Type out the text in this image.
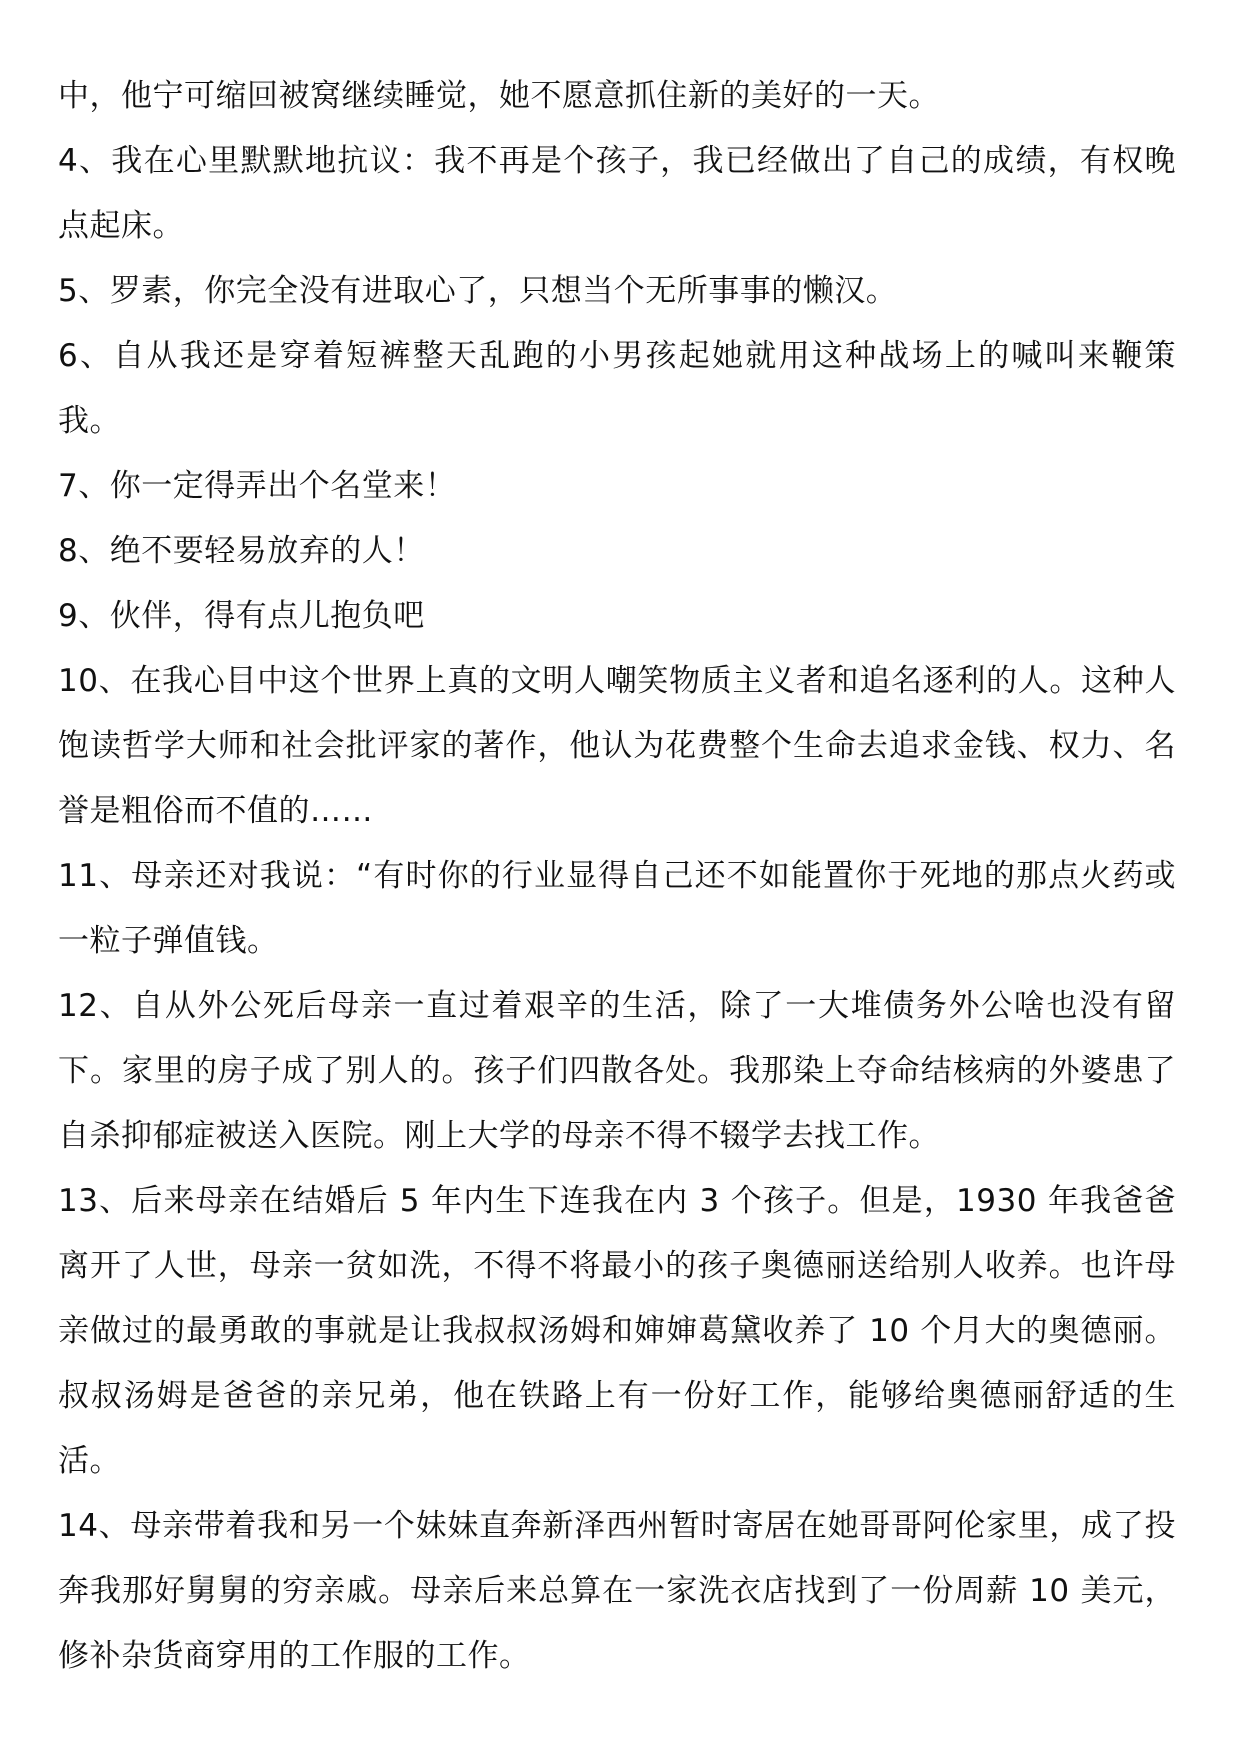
中，他宁可缩回被窝继续睡觉，她不愿意抓住新的美好的一天。

4、我在心里默默地抗议：我不再是个孩子，我已经做出了自己的成绩，有权晚点起床。

5、罗素，你完全没有进取心了，只想当个无所事事的懒汉。

6、自从我还是穿着短裤整天乱跑的小男孩起她就用这种战场上的喊叫来鞭策我。

7、你一定得弄出个名堂来！

8、绝不要轻易放弃的人！

9、伙伴，得有点儿抱负吧

10、在我心目中这个世界上真的文明人嘲笑物质主义者和追名逐利的人。这种人饱读哲学大师和社会批评家的著作，他认为花费整个生命去追求金钱、权力、名誉是粗俗而不值的……

11、母亲还对我说：“有时你的行业显得自己还不如能置你于死地的那点火药或一粒子弹值钱。

12、自从外公死后母亲一直过着艰辛的生活，除了一大堆债务外公啥也没有留下。家里的房子成了别人的。孩子们四散各处。我那染上夺命结核病的外婆患了自杀抑郁症被送入医院。刚上大学的母亲不得不辍学去找工作。

13、后来母亲在结婚后 5 年内生下连我在内 3 个孩子。但是，1930 年我爸爸离开了人世，母亲一贫如洗，不得不将最小的孩子奥德丽送给别人收养。也许母亲做过的最勇敢的事就是让我叔叔汤姆和婶婶葛黛收养了 10 个月大的奥德丽。叔叔汤姆是爸爸的亲兄弟，他在铁路上有一份好工作，能够给奥德丽舒适的生活。

14、母亲带着我和另一个妹妹直奔新泽西州暂时寄居在她哥哥阿伦家里，成了投奔我那好舅舅的穷亲戚。母亲后来总算在一家洗衣店找到了一份周薪 10 美元，修补杂货商穿用的工作服的工作。
